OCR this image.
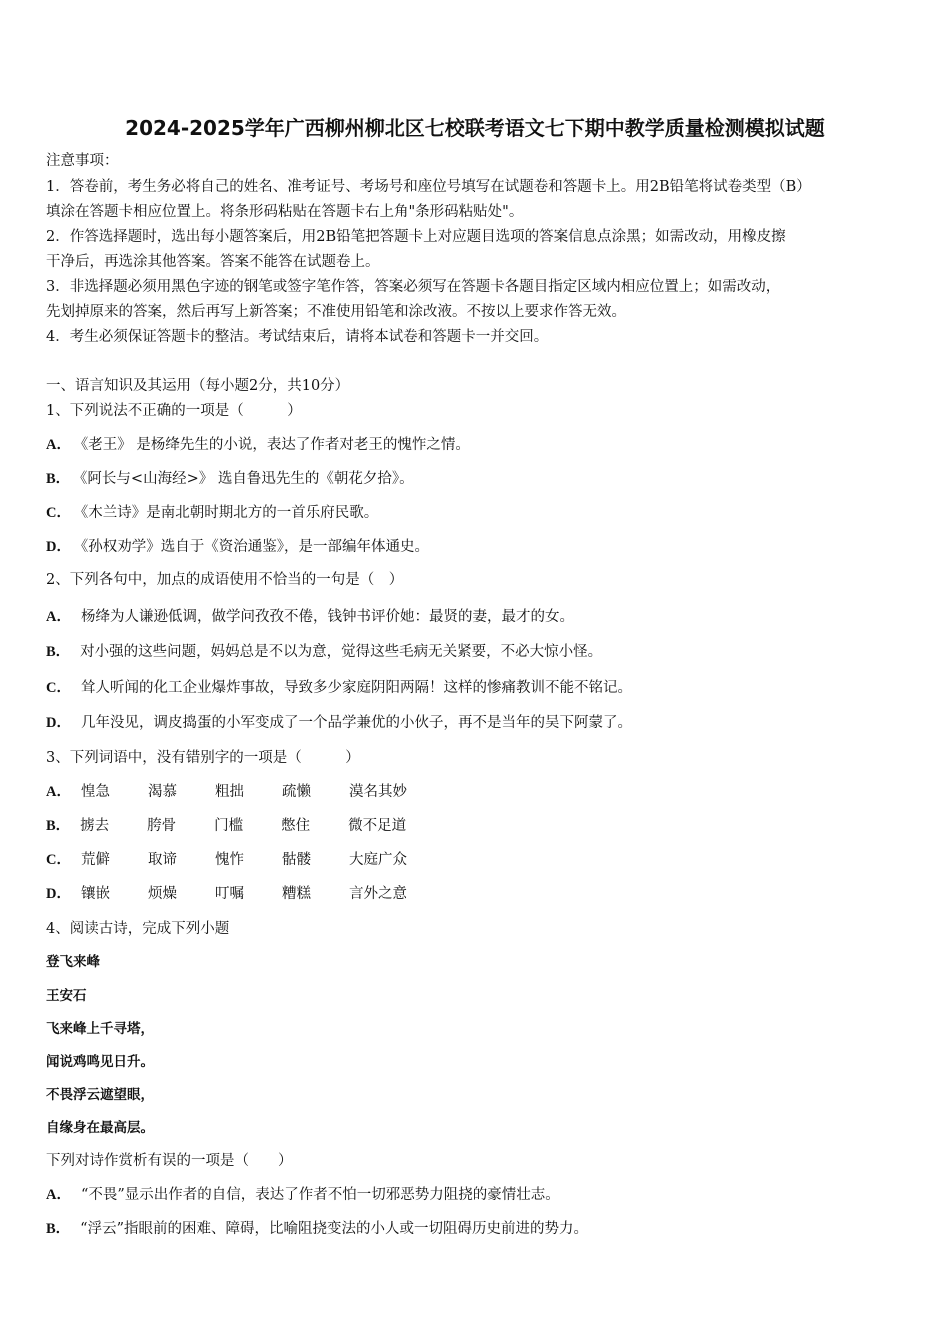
2024-2025学年广西柳州柳北区七校联考语文七下期中教学质量检测模拟试题
注意事项：
1．答卷前，考生务必将自己的姓名、准考证号、考场号和座位号填写在试题卷和答题卡上。用2B铅笔将试卷类型（B）
填涂在答题卡相应位置上。将条形码粘贴在答题卡右上角"条形码粘贴处"。
2．作答选择题时，选出每小题答案后，用2B铅笔把答题卡上对应题目选项的答案信息点涂黑；如需改动，用橡皮擦
干净后，再选涂其他答案。答案不能答在试题卷上。
3．非选择题必须用黑色字迹的钢笔或签字笔作答，答案必须写在答题卡各题目指定区域内相应位置上；如需改动，
先划掉原来的答案，然后再写上新答案；不准使用铅笔和涂改液。不按以上要求作答无效。
4．考生必须保证答题卡的整洁。考试结束后，请将本试卷和答题卡一并交回。
一、语言知识及其运用（每小题2分，共10分）
1、下列说法不正确的一项是（　　　）
A． 《老王》 是杨绛先生的小说，表达了作者对老王的愧怍之情。
B． 《阿长与<山海经>》 选自鲁迅先生的《朝花夕拾》。
C． 《木兰诗》是南北朝时期北方的一首乐府民歌。
D． 《孙权劝学》选自于《资治通鉴》，是一部编年体通史。
2、下列各句中，加点的成语使用不恰当的一句是（　）
A． 杨绛为人谦逊低调，做学问孜孜不倦，钱钟书评价她：最贤的妻，最才的女。
B． 对小强的这些问题，妈妈总是不以为意，觉得这些毛病无关紧要，不必大惊小怪。
C． 耸人听闻的化工企业爆炸事故，导致多少家庭阴阳两隔！这样的惨痛教训不能不铭记。
D． 几年没见，调皮捣蛋的小军变成了一个品学兼优的小伙子，再不是当年的吴下阿蒙了。
3、下列词语中，没有错别字的一项是（　　　）
A． 惶急	渴慕	粗拙	疏懒	漠名其妙
B． 掳去	胯骨	门槛	憋住	微不足道
C． 荒僻	取谛	愧怍	骷髅	大庭广众
D． 镶嵌	烦燥	叮嘱	糟糕	言外之意
4、阅读古诗，完成下列小题
登飞来峰
王安石
飞来峰上千寻塔，
闻说鸡鸣见日升。
不畏浮云遮望眼，
自缘身在最高层。
下列对诗作赏析有误的一项是（　　）
A． “不畏”显示出作者的自信，表达了作者不怕一切邪恶势力阻挠的豪情壮志。
B． “浮云”指眼前的困难、障碍，比喻阻挠变法的小人或一切阻碍历史前进的势力。
